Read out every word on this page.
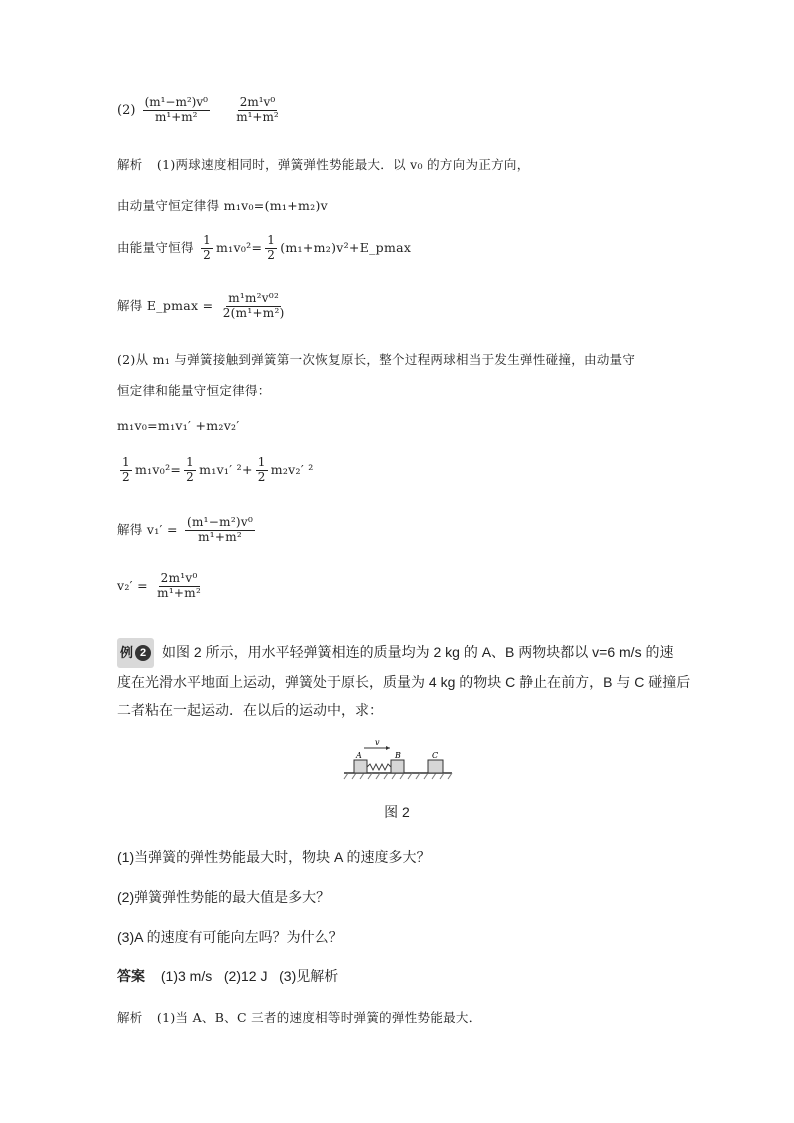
$(2) \frac{\text{(m¹−m²)v⁰}}{\text{m¹+m²}}$
$\frac{\text{2m¹v⁰}}{\text{m¹+m²}}$
解析 (1)两球速度相同时，弹簧弹性势能最大．以 v₀ 的方向为正方向，
由动量守恒定律得 m₁v₀=(m₁+m₂)v
由能量守恒得 $\frac{1}{2} m_1v_0^2= \frac{1}{2}$ (m₁+m₂)v²+E_pmax
解得 E_pmax = $\frac{\text{m¹m²v⁰²}}{\text{2(m¹+m²)}}$
(2)从 m₁ 与弹簧接触到弹簧第一次恢复原长，整个过程两球相当于发生弹性碰撞，由动量守
恒定律和能量守恒定律得：
m₁v₀=m₁v₁′ +m₂v₂′
$\frac{1}{2} m_1v_0^2= \frac{1}{2} m_1v_1'$ $^2+ \frac{1}{2} m_2v_2'$ ²
解得 $v_1' = \frac{\text{(m¹−m²)v⁰}}{\text{m¹+m²}}$
$v_2' = \frac{\text{2m¹v⁰}}{\text{m¹+m²}}$
例 2	如图 2 所示，用水平轻弹簧相连的质量均为 2 kg 的 A、B 两物块都以 v=6 m/s 的速
度在光滑水平地面上运动，弹簧处于原长，质量为 4 kg 的物块 C 静止在前方，B 与 C 碰撞后
二者粘在一起运动．在以后的运动中，求：
A	B	C
v
图 2
(1)当弹簧的弹性势能最大时，物块 A 的速度多大？
(2)弹簧弹性势能的最大值是多大？
(3)A 的速度有可能向左吗？为什么？
答案 (1)3 m/s   (2)12 J   (3)见解析
解析 (1)当 A、B、C 三者的速度相等时弹簧的弹性势能最大．
